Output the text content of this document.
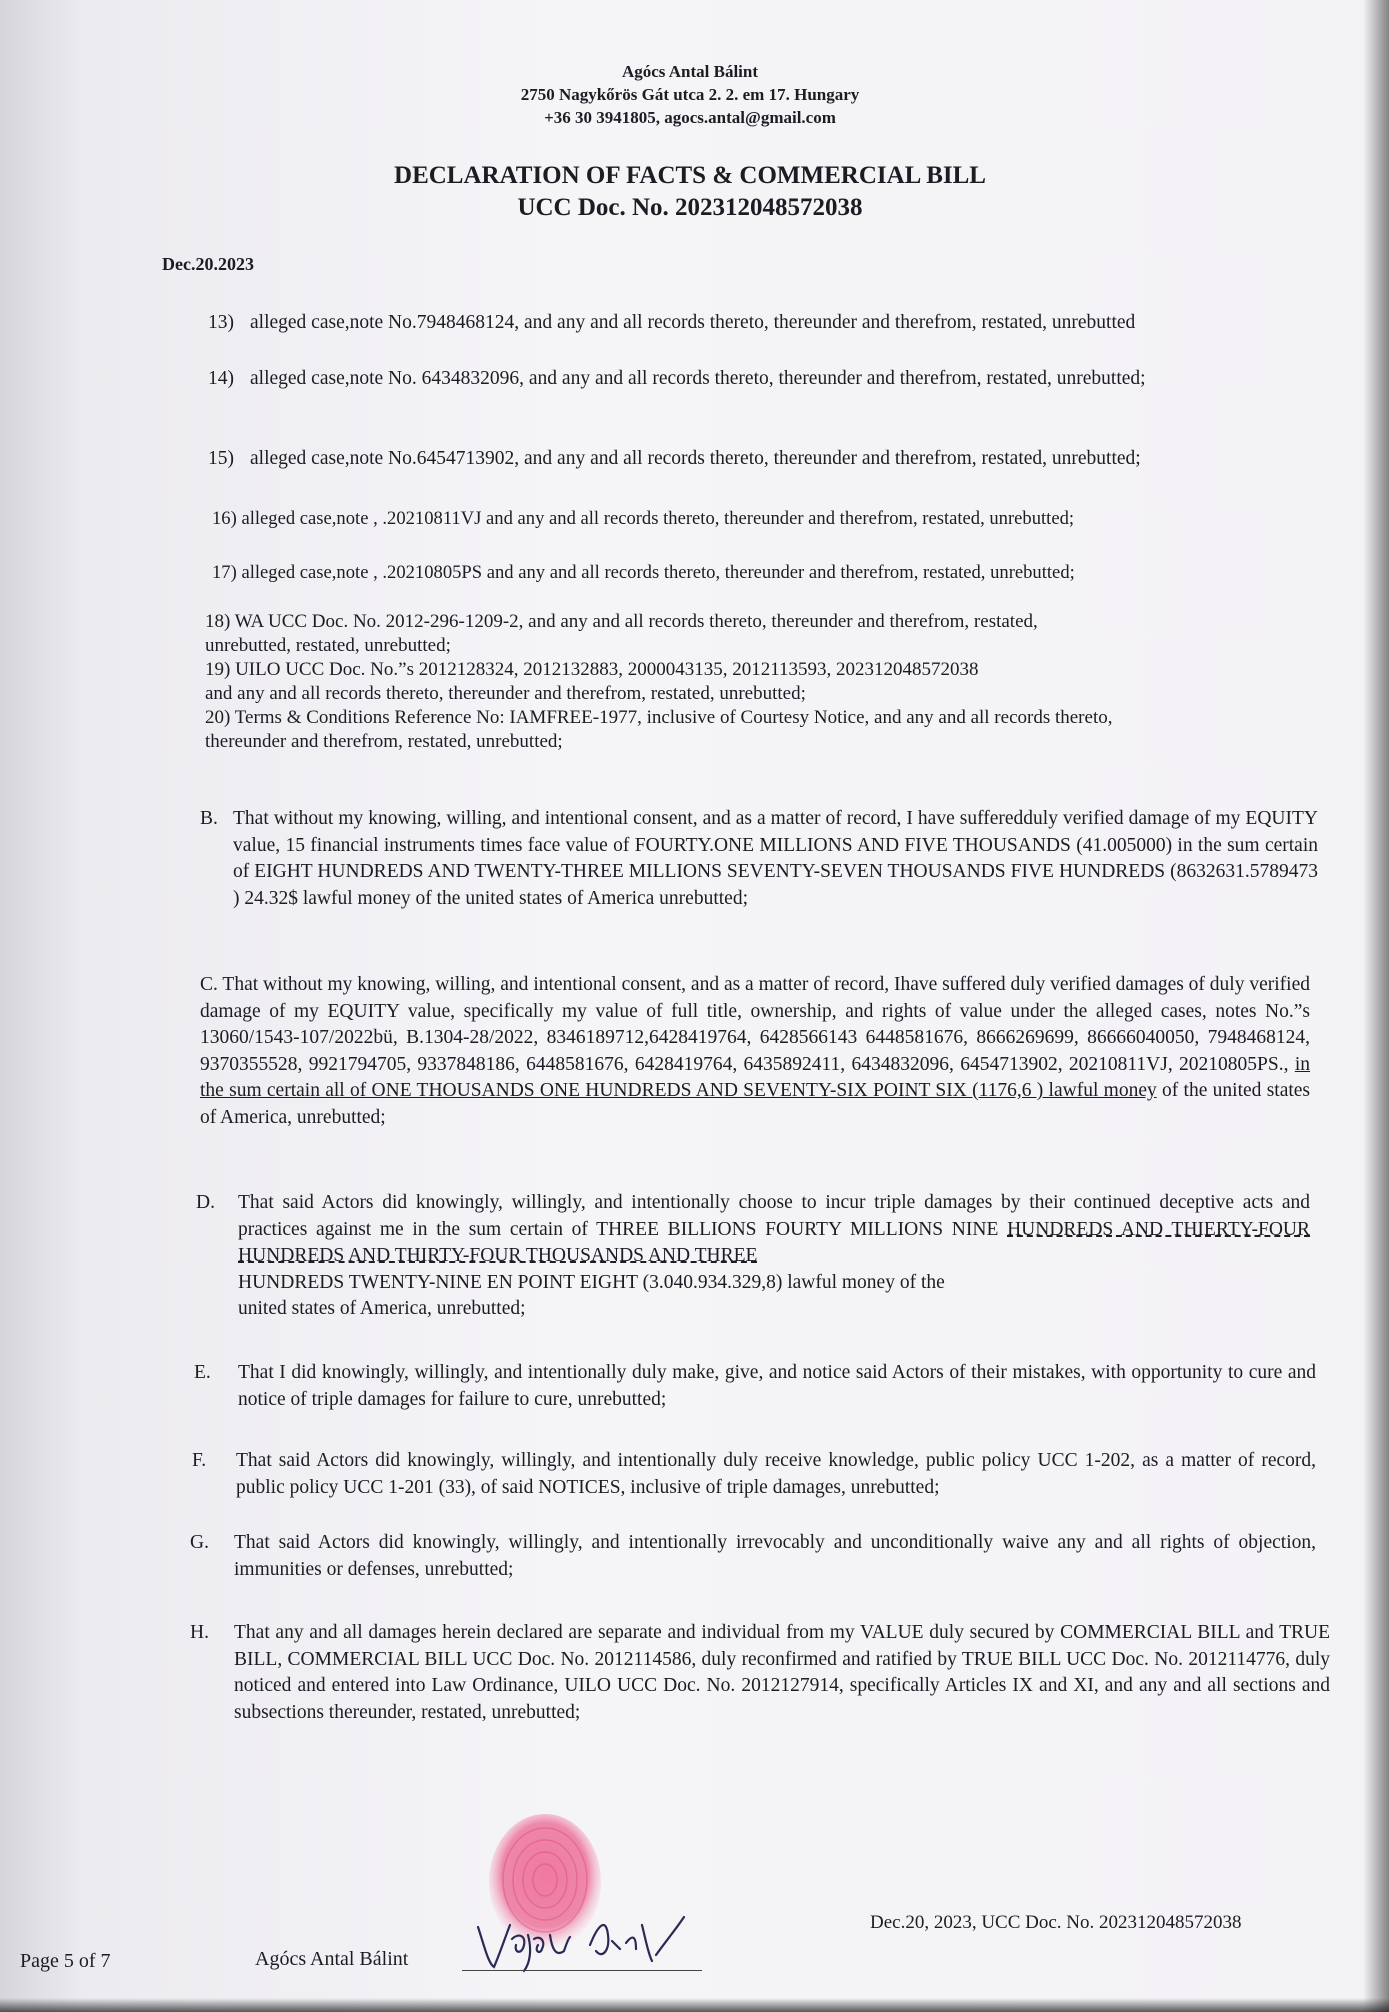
Agócs Antal Bálint
2750 Nagykőrös Gát utca 2. 2. em 17. Hungary
+36 30 3941805, agocs.antal@gmail.com
DECLARATION OF FACTS & COMMERCIAL BILL
UCC Doc. No. 202312048572038
Dec.20.2023
13) alleged case,note No.7948468124, and any and all records thereto, thereunder and therefrom, restated, unrebutted
14) alleged case,note No. 6434832096, and any and all records thereto, thereunder and therefrom, restated, unrebutted;
15) alleged case,note No.6454713902, and any and all records thereto, thereunder and therefrom, restated, unrebutted;
16) alleged case,note , .20210811VJ and any and all records thereto, thereunder and therefrom, restated, unrebutted;
17) alleged case,note , .20210805PS and any and all records thereto, thereunder and therefrom, restated, unrebutted;
18) WA UCC Doc. No. 2012-296-1209-2, and any and all records thereto, thereunder and therefrom, restated,
unrebutted, restated, unrebutted;
19) UILO UCC Doc. No.”s 2012128324, 2012132883, 2000043135, 2012113593, 202312048572038
and any and all records thereto, thereunder and therefrom, restated, unrebutted;
20) Terms & Conditions Reference No: IAMFREE-1977, inclusive of Courtesy Notice, and any and all records thereto,
thereunder and therefrom, restated, unrebutted;
B. That without my knowing, willing, and intentional consent, and as a matter of record, I have sufferedduly verified damage of my EQUITY value, 15 financial instruments times face value of FOURTY.ONE MILLIONS AND FIVE THOUSANDS (41.005000) in the sum certain of EIGHT HUNDREDS AND TWENTY-THREE MILLIONS SEVENTY-SEVEN THOUSANDS FIVE HUNDREDS (8632631.5789473 ) 24.32$ lawful money of the united states of America unrebutted;
C. That without my knowing, willing, and intentional consent, and as a matter of record, Ihave suffered duly verified damages of duly verified damage of my EQUITY value, specifically my value of full title, ownership, and rights of value under the alleged cases, notes No.”s 13060/1543-107/2022bü, B.1304-28/2022, 8346189712,6428419764, 6428566143 6448581676, 8666269699, 86666040050, 7948468124, 9370355528, 9921794705, 9337848186, 6448581676, 6428419764, 6435892411, 6434832096, 6454713902, 20210811VJ, 20210805PS., in the sum certain all of ONE THOUSANDS ONE HUNDREDS AND SEVENTY-SIX POINT SIX (1176,6 ) lawful money of the united states of America, unrebutted;
D.	That said Actors did knowingly, willingly, and intentionally choose to incur triple damages by their continued deceptive acts and practices against me in the sum certain of THREE BILLIONS FOURTY MILLIONS NINE HUNDREDS AND THIERTY-FOUR HUNDREDS AND THIRTY-FOUR THOUSANDS AND THREE
HUNDREDS TWENTY-NINE EN POINT EIGHT (3.040.934.329,8) lawful money of the
united states of America, unrebutted;
E.	That I did knowingly, willingly, and intentionally duly make, give, and notice said Actors of their mistakes, with opportunity to cure and notice of triple damages for failure to cure, unrebutted;
F.	That said Actors did knowingly, willingly, and intentionally duly receive knowledge, public policy UCC 1-202, as a matter of record, public policy UCC 1-201 (33), of said NOTICES, inclusive of triple damages, unrebutted;
G.	That said Actors did knowingly, willingly, and intentionally irrevocably and unconditionally waive any and all rights of objection, immunities or defenses, unrebutted;
H.	That any and all damages herein declared are separate and individual from my VALUE duly secured by COMMERCIAL BILL and TRUE BILL, COMMERCIAL BILL UCC Doc. No. 2012114586, duly reconfirmed and ratified by TRUE BILL UCC Doc. No. 2012114776, duly noticed and entered into Law Ordinance, UILO UCC Doc. No. 2012127914, specifically Articles IX and XI, and any and all sections and subsections thereunder, restated, unrebutted;
Dec.20, 2023, UCC Doc. No. 202312048572038
Page 5 of 7	Agócs Antal Bálint
